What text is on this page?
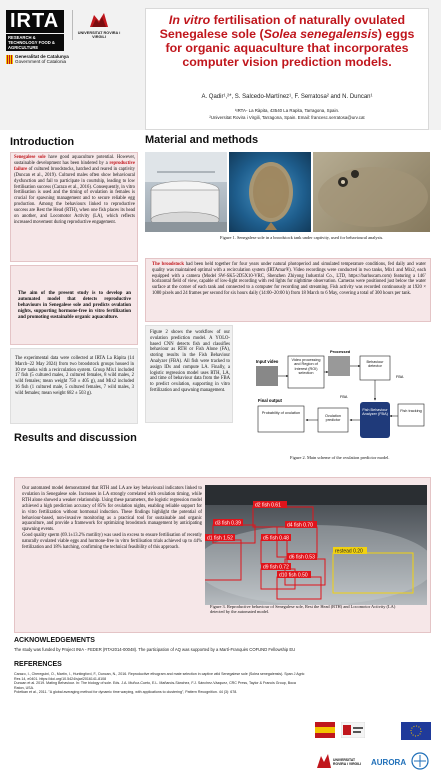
IRTA
RESEARCH & TECHNOLOGY FOOD & AGRICULTURE
UNIVERSITAT ROVIRA i VIRGILI
Generalitat de Catalunya
Government of Catalonia
In vitro fertilisation of naturally ovulated Senegalese sole (Solea senegalensis) eggs for organic aquaculture that incorporates computer vision prediction models.
A. Qadir¹,²*, S. Salcedo-Martínez¹, F. Serratosa² and N. Duncan¹
¹IRTA- La Ràpita, 43540 La Rapita, Tarragona, Spain.
²Universitat Rovira i Virgili, Tarragona, Spain. Email: francesc.serratosa@urv.cat
Introduction
Senegalese sole have good aquaculture potential. However, sustainable development has been hindered by a reproductive failure of cultured broodstocks, hatched and reared in captivity (Duncan et al., 2019). Cultured males often show behavioural dysfunction and fail to participate in courtship, leading to low fertilisation success (Carazo et al., 2016). Consequently, in vitro fertilisation is used and the timing of ovulation in females is crucial for spawning management and to secure reliable egg production. Among the behaviours linked to reproductive success are Rest the Head (RTH), when one fish places its head on another, and Locomotor Activity (LA), which reflects increased movement during reproductive engagement.
The aim of the present study is to develop an automated model that detects reproductive behaviours in Senegalese sole and predicts ovulation nights, supporting hormone-free in vitro fertilization and promoting sustainable organic aquaculture.
The experimental data were collected at IRTA La Ràpita (14 March–22 May 2024) from two broodstock groups housed in 10 m³ tanks with a recirculation system. Group Mix1 included 17 fish (5 cultured males, 2 cultured females, 8 wild males, 2 wild females; mean weight 750 ± 405 g), and Mix2 included 16 fish (1 cultured male, 5 cultured females, 7 wild males, 3 wild females; mean weight 682 ± 503 g).
Material and methods
Figure 1. Senegalese sole in a broodstock tank under captivity, used for behavioural analysis.
The broodstock had been held together for four years under natural photoperiod and simulated temperature conditions, fed daily and water quality was maintained optimal with a recirculation system (IRTAmar®). Video recordings were conducted in two tanks, Mix1 and Mix2, each equipped with a camera (Model SW-SK5-2D5X10-VRC, Shenzhen Zhiyong Industrial Co., LTD, https://barluscam.com) featuring a 146˚ horizontal field of view, capable of low-light recording with red lights for nighttime observation. Cameras were positioned just below the water surface at the corner of each tank and connected to a computer for recording and streaming. Fish activity was recorded continuously at 1920 × 1080 pixels and 24 frames per second for six hours daily (14:00–20:00 h) from 18 March to 6 May, covering a total of 300 hours per tank.
Figure 2 shows the workflow of our ovulation prediction model. A YOLO-based CNN detects fish and classifies behaviour as RTH or Fish Alone (FA), storing results in the Fish Behaviour Analyzer (FBA). All fish were tracked to assign IDs and compute LA. Finally, a logistic regression model uses RTH, LA, and time of behaviour data from the FBA to predict ovulation, supporting in vitro fertilization and spawning management.
Input video	Video processing and Region of Interest (ROI) selection
Processed
Behaviour detector
FBA
Fish Behaviour Analyzer (FBA)
Fish tracking
FBA
Ovulation predictor
Final output
Probability of ovulation
Figure 2. Main scheme of the ovulation predictor model.
Results and discussion

Our automated model demonstrated that RTH and LA are key behavioural indicators linked to ovulation in Senegalese sole. Increases in LA strongly correlated with ovulation timing, while RTH alone showed a weaker relationship. Using these parameters, the logistic regression model achieved a high prediction accuracy of 85% for ovulation nights, enabling reliable support for in vitro fertilization without hormonal induction. These findings highlight the potential of behaviour-based, non-invasive monitoring as a practical tool for sustainable and organic aquaculture, and provide a framework for optimizing broodstock management by anticipating spawning events.

Good quality sperm (69.1±13.2% motility) was used in excess to ensure fertilisation of recently naturally ovulated viable eggs and hormone-free in vitro fertilisation trials achieved up to 44% fertilization and 18% hatching, confirming the technical feasibility of this approach.

d2 fish 0.61
d3 fish 0.39
d1 fish 1.52
d4 fish 0.70
d5 fish 0.48
d6 fish 0.53
d9 fish 0.72
d10 fish 0.50
restead 0.20
Figure 3. Reproductive behaviour of Senegalese sole, Rest the Head (RTH) and Locomotor Activity (LA) detected by the automated model.
ACKNOWLEDGEMENTS
The study was funded by Project INIA - FEDER (RTA2014-00048). The participation of AQ was supported by a Martí-Franquès COFUND Fellowship EU
REFERENCES

Carazo, I., Chereguini, O., Martín, I., Huntingford, F., Duncan, N., 2016. Reproductive ethogram and mate selection in captive wild Senegalese sole (Solea senegalensis). Span J Agric Res 14, e0401. https://doi.org/10.5424/sjar/2016141-8108

Duncan et al. 2019. Mating Behaviour. In: The biology of sole. Eds. J.A. Muñoz-Cueto, E.L. Mañanós-Sánchez, F.J. Sánchez-Vázquez, CRC Press, Taylor & Francis Group, Boca Raton, USA.

Poletkan et al., 2011. "A global averaging method for dynamic time warping, with applications to clustering", Pattern Recognition. 44 (3): 678.

UNIVERSITAT ROVIRA i VIRGILI AURORA
